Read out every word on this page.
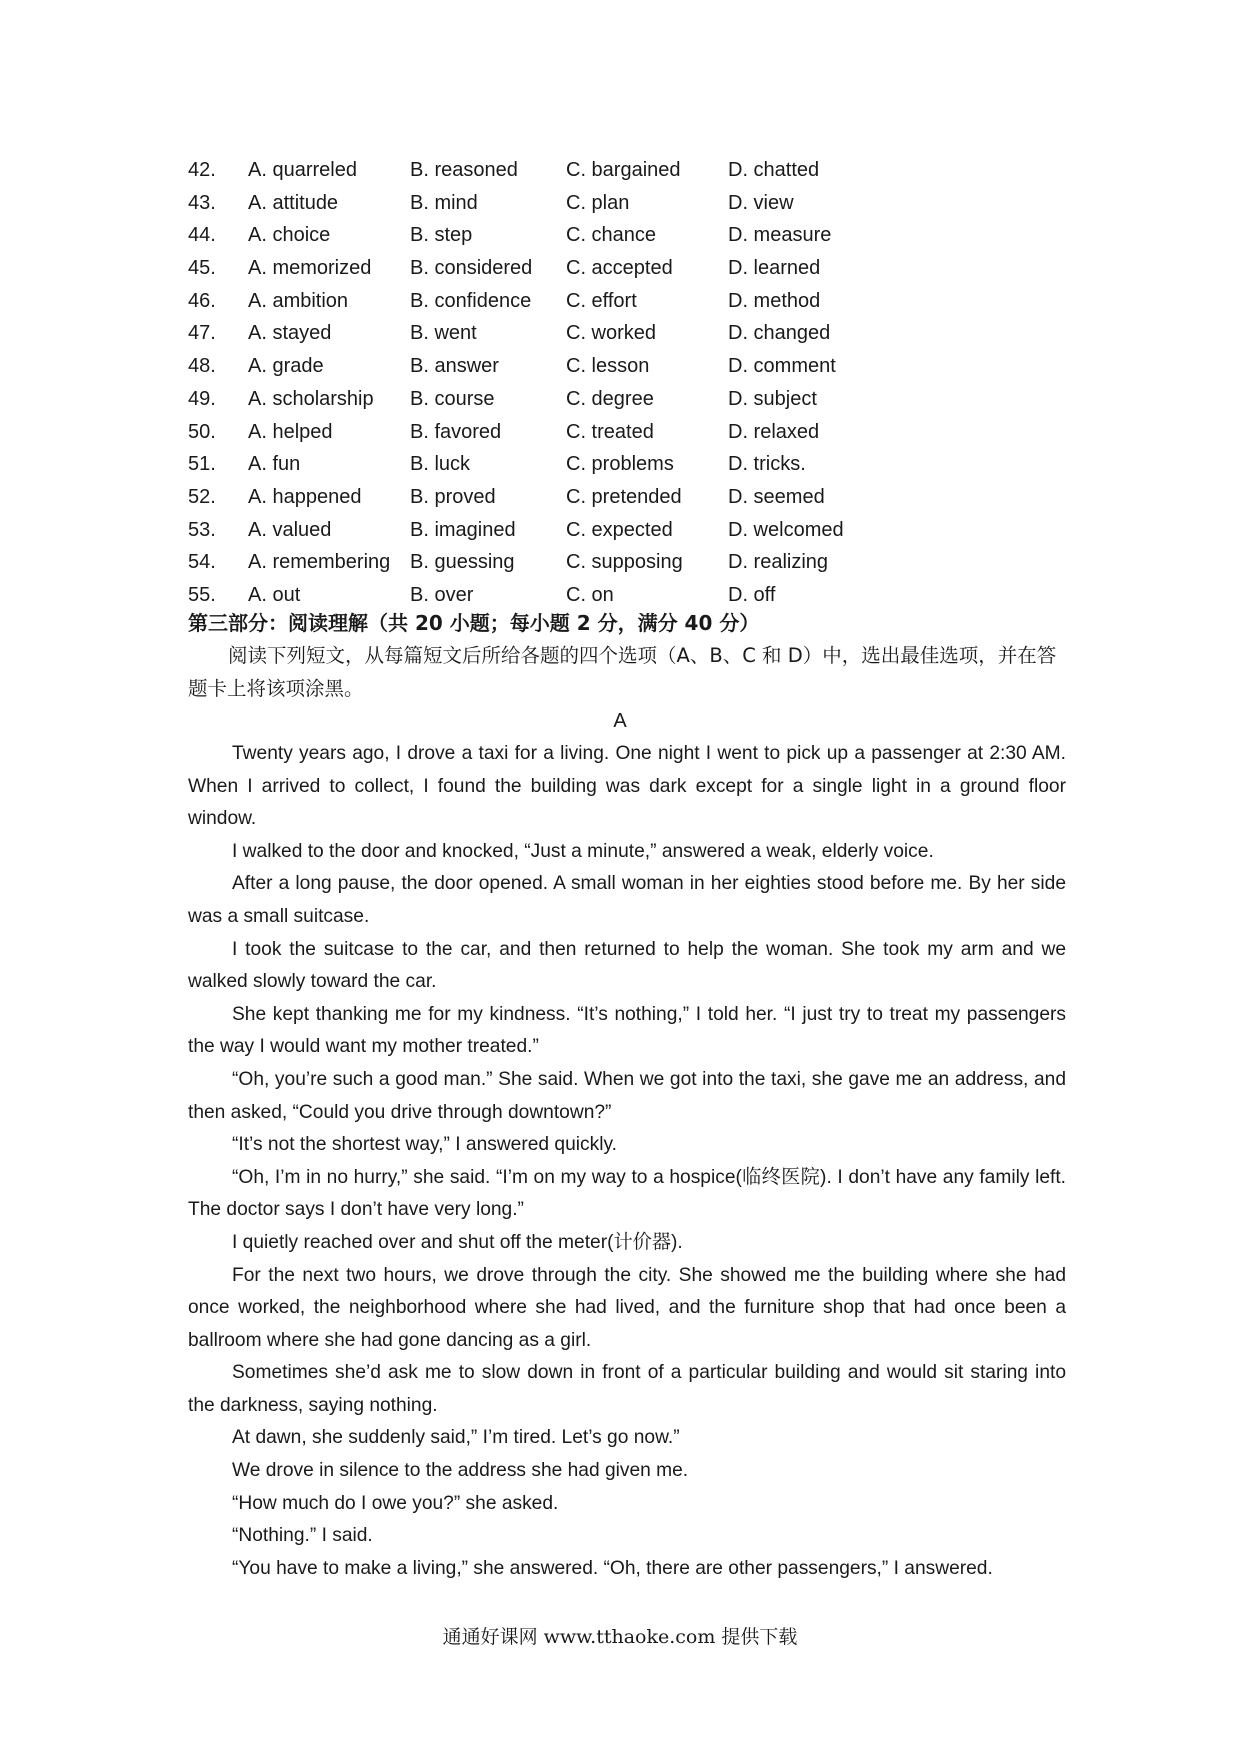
42. A. quarreled	B. reasoned C. bargained D. chatted
43. A. attitude	B. mind	C. plan	D. view
44. A. choice	B. step	C. chance	D. measure
45. A. memorized B. considered C. accepted	D. learned
46. A. ambition	B. confidence C. effort	D. method
47. A. stayed	B. went	C. worked	D. changed
48. A. grade	B. answer	C. lesson	D. comment
49. A. scholarship B. course	C. degree	D. subject
50. A. helped	B. favored	C. treated	D. relaxed
51. A. fun	B. luck	C. problems	D. tricks.
52. A. happened B. proved	C. pretended D. seemed
53. A. valued	B. imagined	C. expected	D. welcomed
54. A. remembering B. guessing	C. supposing D. realizing
55. A. out	B. over	C. on	D. off
第三部分：阅读理解（共 20 小题；每小题 2 分，满分 40 分）

阅读下列短文，从每篇短文后所给各题的四个选项（A、B、C 和 D）中，选出最佳选项，并在答题卡上将该项涂黑。

A

Twenty years ago, I drove a taxi for a living. One night I went to pick up a passenger at 2:30 AM. When I arrived to collect, I found the building was dark except for a single light in a ground floor window.

I walked to the door and knocked, “Just a minute,” answered a weak, elderly voice.

After a long pause, the door opened. A small woman in her eighties stood before me. By her side was a small suitcase.

I took the suitcase to the car, and then returned to help the woman. She took my arm and we walked slowly toward the car.

She kept thanking me for my kindness. “It’s nothing,” I told her. “I just try to treat my passengers the way I would want my mother treated.”

“Oh, you’re such a good man.” She said. When we got into the taxi, she gave me an address, and then asked, “Could you drive through downtown?”

“It’s not the shortest way,” I answered quickly.

“Oh, I’m in no hurry,” she said. “I’m on my way to a hospice(临终医院). I don’t have any family left. The doctor says I don’t have very long.”

I quietly reached over and shut off the meter(计价器).

For the next two hours, we drove through the city. She showed me the building where she had once worked, the neighborhood where she had lived, and the furniture shop that had once been a ballroom where she had gone dancing as a girl.

Sometimes she’d ask me to slow down in front of a particular building and would sit staring into the darkness, saying nothing.

At dawn, she suddenly said,” I’m tired. Let’s go now.”

We drove in silence to the address she had given me.

“How much do I owe you?” she asked.

“Nothing.” I said.

“You have to make a living,” she answered. “Oh, there are other passengers,” I answered.

通通好课网 www.tthaoke.com 提供下载
